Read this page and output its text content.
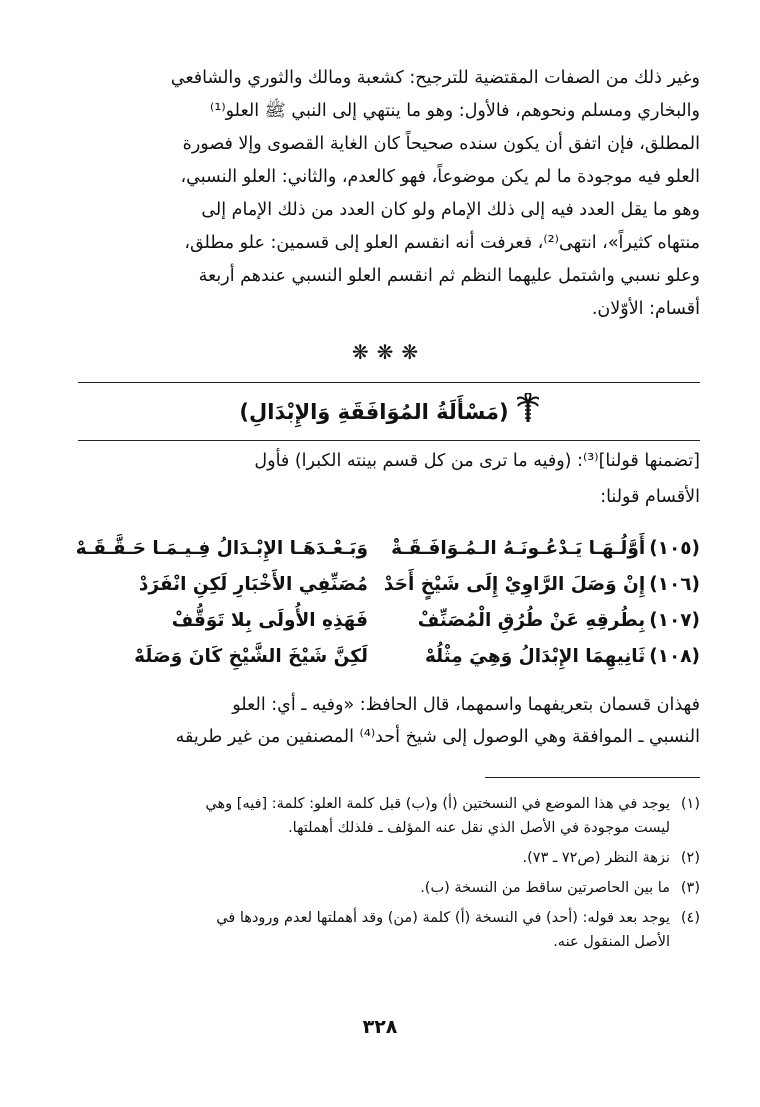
وغير ذلك من الصفات المقتضية للترجيح: كشعبة ومالك والثوري والشافعي

والبخاري ومسلم ونحوهم، فالأول: وهو ما ينتهي إلى النبي ﷺ العلو⁽¹⁾

المطلق، فإن اتفق أن يكون سنده صحيحاً كان الغاية القصوى وإلا فصورة

العلو فيه موجودة ما لم يكن موضوعاً، فهو كالعدم، والثاني: العلو النسبي،

وهو ما يقل العدد فيه إلى ذلك الإمام ولو كان العدد من ذلك الإمام إلى

منتهاه كثيراً»، انتهى⁽²⁾، فعرفت أنه انقسم العلو إلى قسمين: علو مطلق،

وعلو نسبي واشتمل عليهما النظم ثم انقسم العلو النسبي عندهم أربعة

أقسام: الأوّلان.

❋❋❋
(مَسْأَلَةُ المُوَافَقَةِ وَالإِبْدَالِ)

[تضمنها قولنا]⁽³⁾: (وفيه ما ترى من كل قسم بينته الكبرا) فأول

الأقسام قولنا:

(١٠٥)أَوَّلُـهَـا يَـدْعُـونَـهُ الـمُـوَافَـقَـةْ
وَبَـعْـدَهَـا الإِبْـدَالُ فِـيـمَـا حَـقَّـقَـهْ
(١٠٦)إِنْ وَصَلَ الرَّاوِيْ إِلَى شَيْخٍ أَحَدْ
مُصَنِّفِي الأَخْبَارِ لَكِنِ انْفَرَدْ
(١٠٧)بِطُرقِهِ عَنْ طُرُقِ الْمُصَنِّفْ
فَهَذِهِ الأُولَى بِلا تَوَقُّفْ
(١٠٨)ثَانِيهِمَا الإِبْدَالُ وَهِيَ مِثْلُهْ
لَكِنَّ شَيْخَ الشَّيْخِ كَانَ وَصَلَهْ

فهذان قسمان بتعريفهما واسمهما، قال الحافظ: «وفيه ـ أي: العلو

النسبي ـ الموافقة وهي الوصول إلى شيخ أحد⁽⁴⁾ المصنفين من غير طريقه

(١)
يوجد في هذا الموضع في النسختين (أ) و(ب) قبل كلمة العلو: كلمة: [فيه] وهي
ليست موجودة في الأصل الذي نقل عنه المؤلف ـ فلذلك أهملتها.
(٢)
نزهة النظر (ص٧٢ ـ ٧٣).
(٣)
ما بين الحاصرتين ساقط من النسخة (ب).
(٤)
يوجد بعد قوله: (أحد) في النسخة (أ) كلمة (من) وقد أهملتها لعدم ورودها في
الأصل المنقول عنه.
٣٢٨
